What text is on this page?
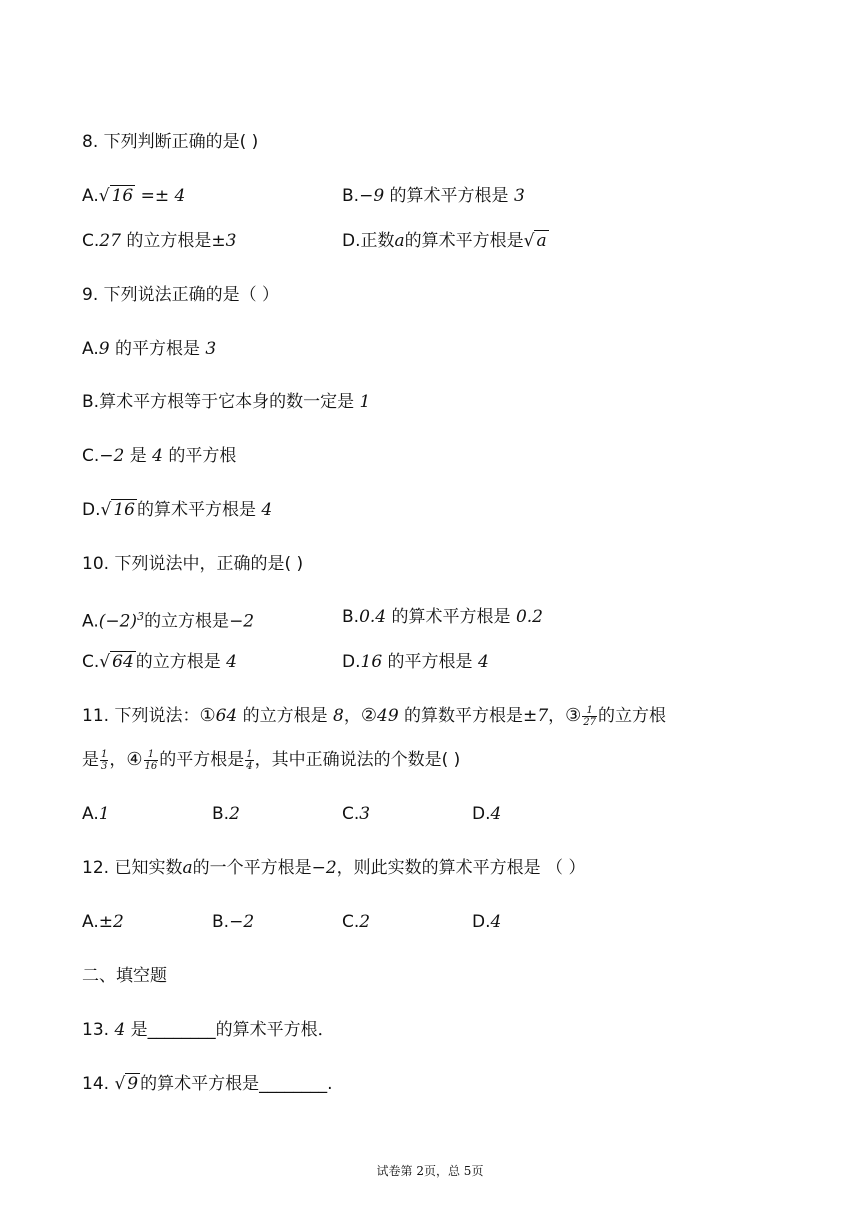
8. 下列判断正确的是( )
A.√ 16 =± 4	B.−9 的算术平方根是 3
C.27 的立方根是±3	D.正数a的算术平方根是√ a
9. 下列说法正确的是（ ）
A.9 的平方根是 3
B.算术平方根等于它本身的数一定是 1
C.−2 是 4 的平方根
D.√ 16 的算术平方根是 4
10. 下列说法中，正确的是( )
$A.(-2)^3$的立方根是−2	B.0.4 的算术平方根是 0.2
C.√ 64 的立方根是 4	D.16 的平方根是 4
11. 下列说法：①64 的立方根是 8，②49 的算数平方根是±7，③ $\frac{1}{27}$ 的立方根
是 $\frac{1}{3}$ ，④ $\frac{1}{16}$ 的平方根是 $\frac{1}{4}$ ，其中正确说法的个数是( )
A.1	B.2	C.3	D.4
12. 已知实数a的一个平方根是−2，则此实数的算术平方根是 （ ）
A.±2	B.−2	C.2	D.4
二、填空题
13. 4 是________的算术平方根．
14. √ 9 的算术平方根是________.
试卷第 2页，总 5页
